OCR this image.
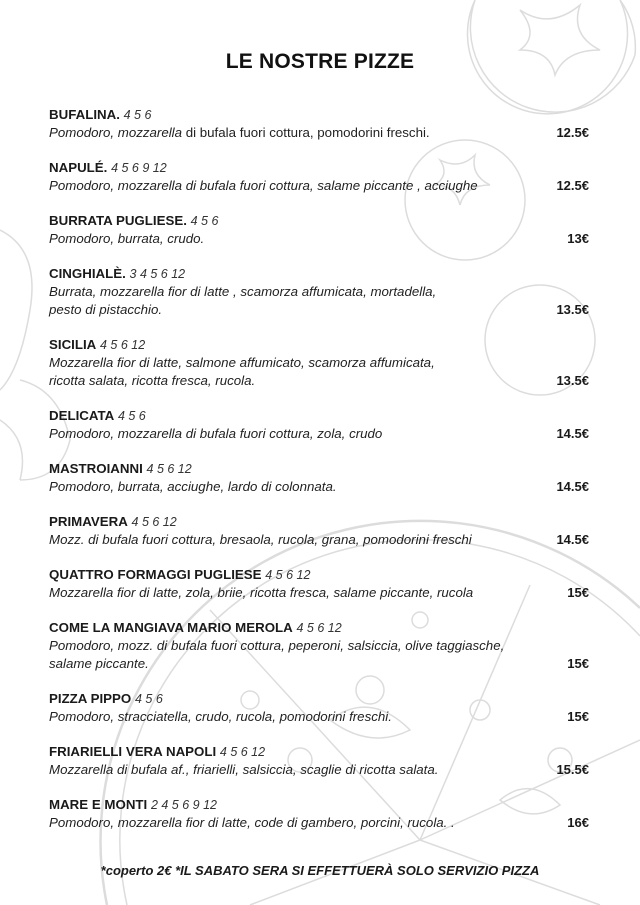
LE NOSTRE PIZZE
BUFALINA. 4 5 6
Pomodoro, mozzarella di bufala fuori cottura, pomodorini freschi.	12.5€
NAPULÉ. 4 5 6 9 12
Pomodoro, mozzarella di bufala fuori cottura, salame piccante , acciughe	12.5€
BURRATA PUGLIESE. 4 5 6
Pomodoro, burrata, crudo.	13€
CINGHIALÈ. 3 4 5 6 12
Burrata, mozzarella fior di latte , scamorza affumicata, mortadella,
pesto di pistacchio.	13.5€
SICILIA 4 5 6 12
Mozzarella fior di latte, salmone affumicato, scamorza affumicata,
ricotta salata, ricotta fresca, rucola.	13.5€
DELICATA 4 5 6
Pomodoro, mozzarella di bufala fuori cottura, zola, crudo	14.5€
MASTROIANNI 4 5 6 12
Pomodoro, burrata, acciughe, lardo di colonnata.	14.5€
PRIMAVERA 4 5 6 12
Mozz. di bufala fuori cottura, bresaola, rucola, grana, pomodorini freschi	14.5€
QUATTRO FORMAGGI PUGLIESE 4 5 6 12
Mozzarella fior di latte, zola, briie, ricotta fresca, salame piccante, rucola	15€
COME LA MANGIAVA MARIO MEROLA 4 5 6 12
Pomodoro, mozz. di bufala fuori cottura, peperoni, salsiccia, olive taggiasche,
salame piccante.	15€
PIZZA PIPPO 4 5 6
Pomodoro, stracciatella, crudo, rucola, pomodorini freschi.	15€
FRIARIELLI VERA NAPOLI 4 5 6 12
Mozzarella di bufala af., friarielli, salsiccia, scaglie di ricotta salata.	15.5€
MARE E MONTI 2 4 5 6 9 12
Pomodoro, mozzarella fior di latte, code di gambero, porcini, rucola. .	16€
*coperto 2€ *IL SABATO SERA SI EFFETTUERÀ SOLO SERVIZIO PIZZA
